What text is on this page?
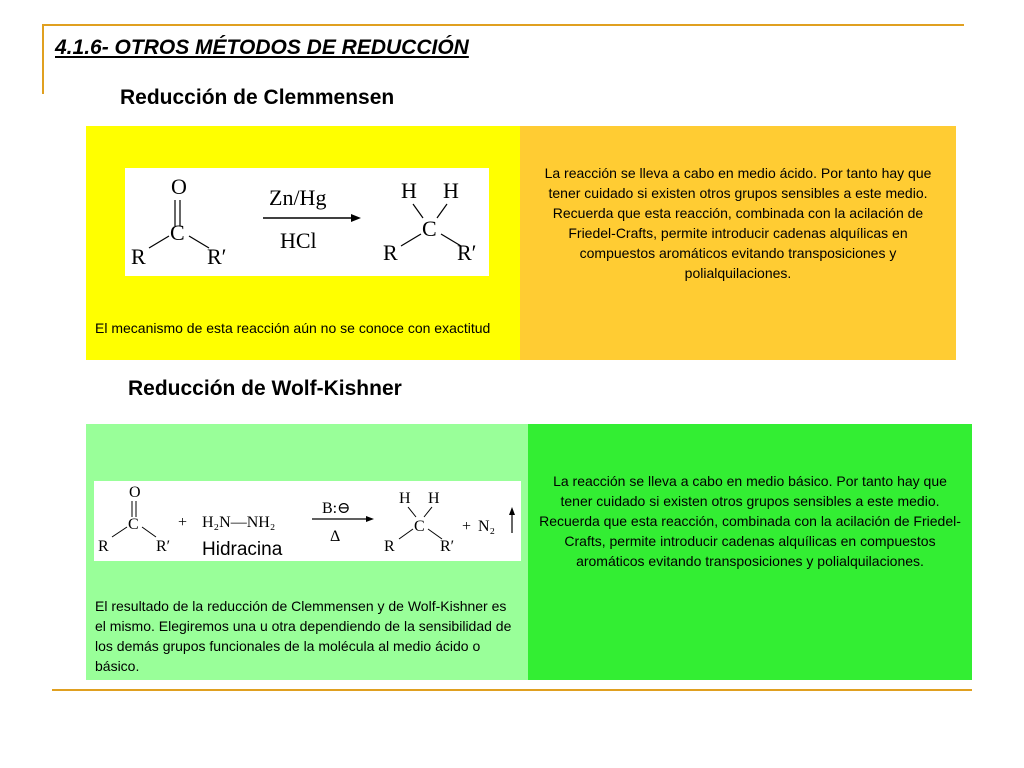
4.1.6- OTROS MÉTODOS DE REDUCCIÓN
Reducción de Clemmensen
O
C
R	R′
Zn/Hg
HCl
H H
C
R	R′

La reacción se lleva a cabo en medio ácido. Por tanto hay que tener cuidado si existen otros grupos sensibles a este medio.

Recuerda que esta reacción, combinada con la acilación de Friedel-Crafts, permite introducir cadenas alquílicas en compuestos aromáticos evitando transposiciones y polialquilaciones.

El mecanismo de esta reacción aún no se conoce con exactitud
Reducción de Wolf-Kishner
O
C
R	R′
+ H₂N—NH₂
Hidracina
B:⊖
Δ
H H
C
R	R′
+ N₂

La reacción se lleva a cabo en medio básico. Por tanto hay que tener cuidado si existen otros grupos sensibles a este medio.

Recuerda que esta reacción, combinada con la acilación de Friedel-Crafts, permite introducir cadenas alquílicas en compuestos aromáticos evitando transposiciones y polialquilaciones.

El resultado de la reducción de Clemmensen y de Wolf-Kishner es el mismo. Elegiremos una u otra dependiendo de la sensibilidad de los demás grupos funcionales de la molécula al medio ácido o básico.
